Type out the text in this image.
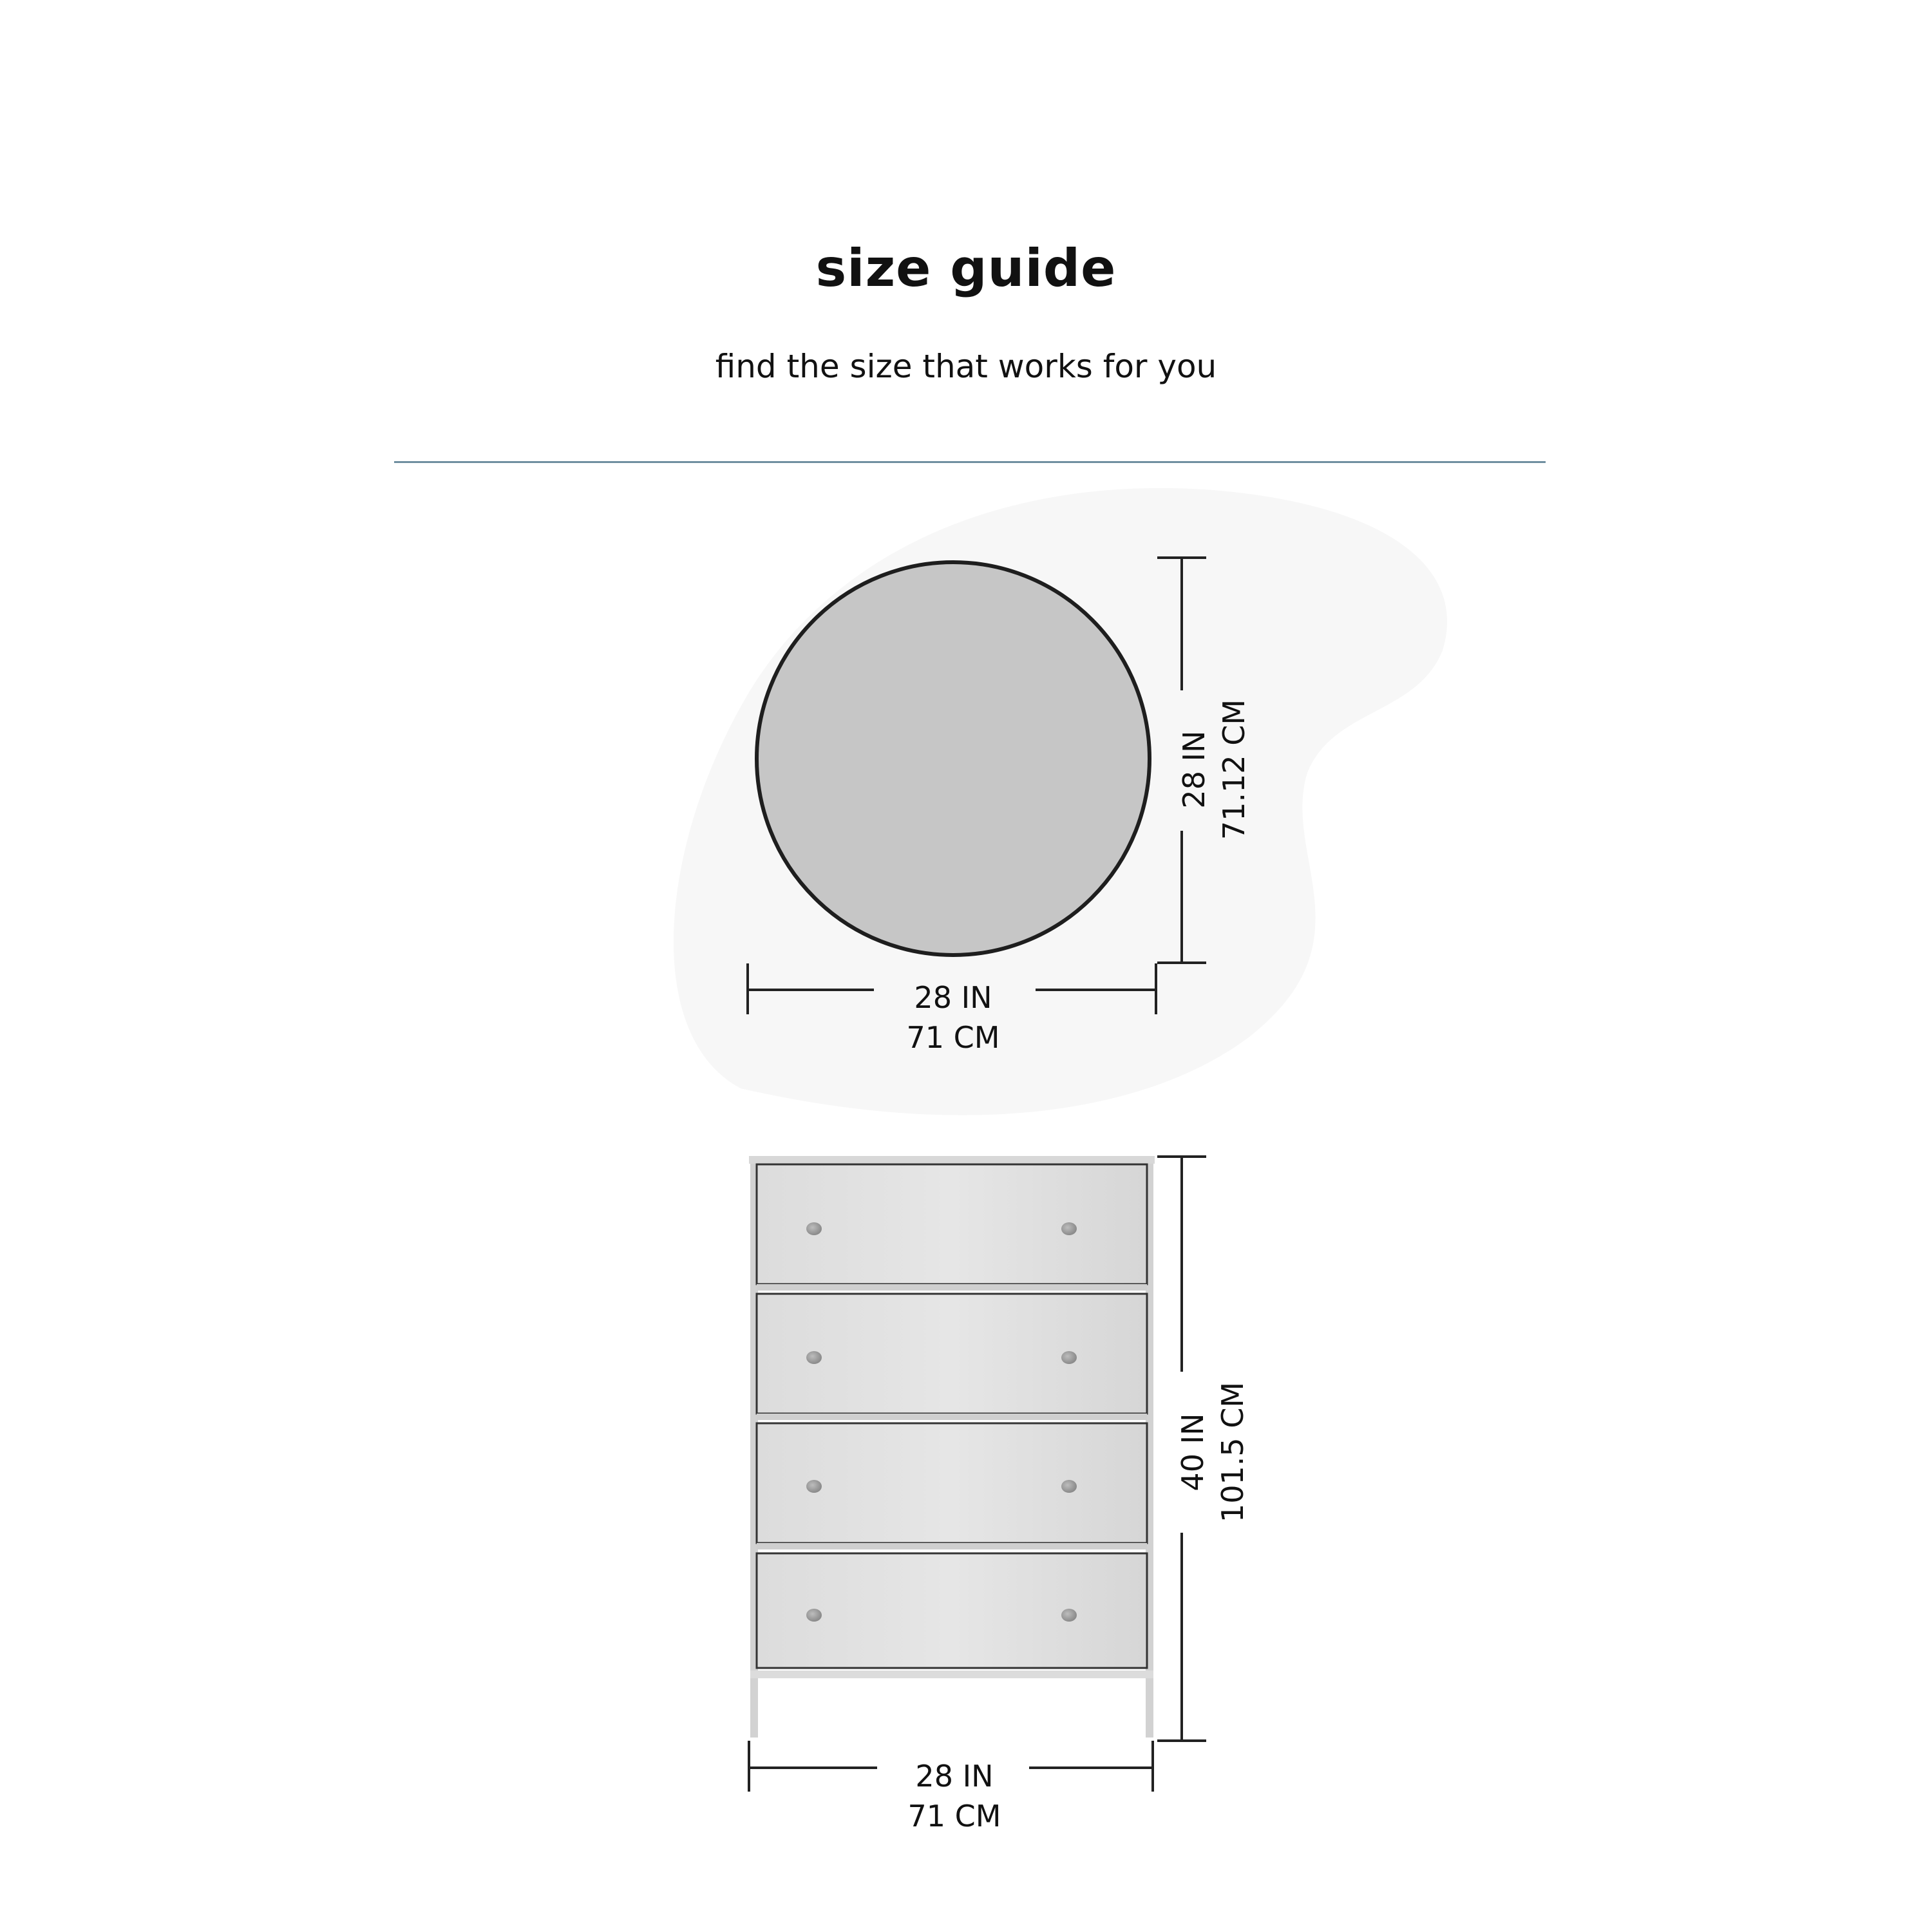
size guide
find the size that works for you
28 IN 71.12 CM
28 IN
71 CM
40 IN 101.5 CM
28 IN
71 CM
